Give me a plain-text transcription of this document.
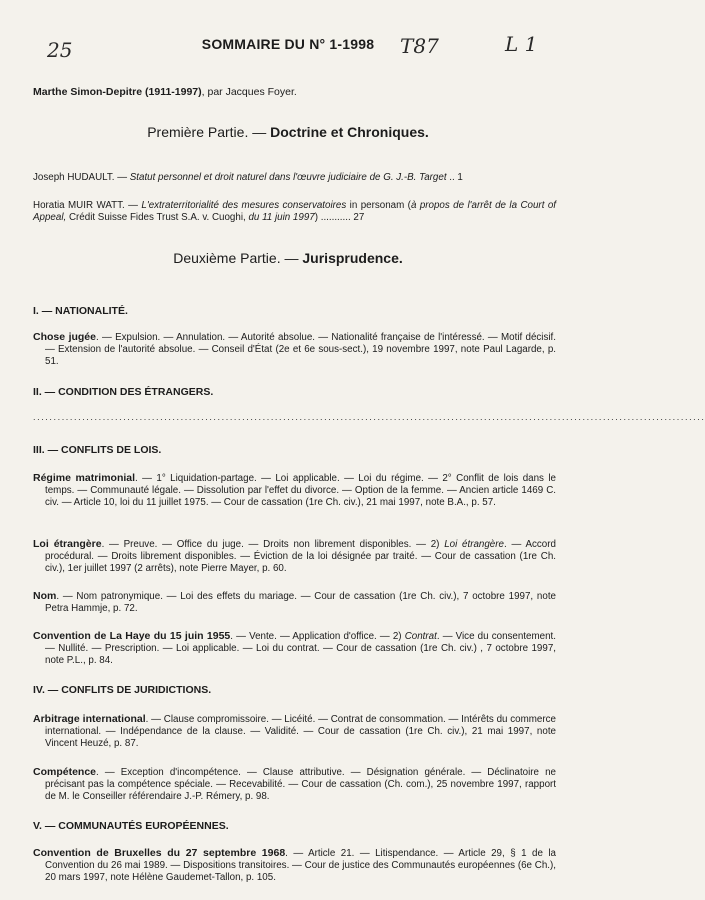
25	T87	L 1
SOMMAIRE DU N° 1-1998
Marthe Simon-Depitre (1911-1997), par Jacques Foyer.
Première Partie. — Doctrine et Chroniques.
Joseph HUDAULT. — Statut personnel et droit naturel dans l'œuvre judiciaire de G. J.-B. Target .. 1
Horatia MUIR WATT. — L'extraterritorialité des mesures conservatoires in personam (à propos de l'arrêt de la Court of Appeal, Crédit Suisse Fides Trust S.A. v. Cuoghi, du 11 juin 1997) ........... 27
Deuxième Partie. — Jurisprudence.
I. — NATIONALITÉ.
Chose jugée. — Expulsion. — Annulation. — Autorité absolue. — Nationalité française de l'intéressé. — Motif décisif. — Extension de l'autorité absolue. — Conseil d'État (2e et 6e sous-sect.), 19 novembre 1997, note Paul Lagarde, p. 51.
II. — CONDITION DES ÉTRANGERS.
....................................................................................................................................................................
III. — CONFLITS DE LOIS.
Régime matrimonial. — 1° Liquidation-partage. — Loi applicable. — Loi du régime. — 2° Conflit de lois dans le temps. — Communauté légale. — Dissolution par l'effet du divorce. — Option de la femme. — Ancien article 1469 C. civ. — Article 10, loi du 11 juillet 1975. — Cour de cassation (1re Ch. civ.), 21 mai 1997, note B.A., p. 57.
Loi étrangère. — Preuve. — Office du juge. — Droits non librement disponibles. — 2) Loi étrangère. — Accord procédural. — Droits librement disponibles. — Éviction de la loi désignée par traité. — Cour de cassation (1re Ch. civ.), 1er juillet 1997 (2 arrêts), note Pierre Mayer, p. 60.
Nom. — Nom patronymique. — Loi des effets du mariage. — Cour de cassation (1re Ch. civ.), 7 octobre 1997, note Petra Hammje, p. 72.
Convention de La Haye du 15 juin 1955. — Vente. — Application d'office. — 2) Contrat. — Vice du consentement. — Nullité. — Prescription. — Loi applicable. — Loi du contrat. — Cour de cassation (1re Ch. civ.) , 7 octobre 1997, note P.L., p. 84.
IV. — CONFLITS DE JURIDICTIONS.
Arbitrage international. — Clause compromissoire. — Licéité. — Contrat de consommation. — Intérêts du commerce international. — Indépendance de la clause. — Validité. — Cour de cassation (1re Ch. civ.), 21 mai 1997, note Vincent Heuzé, p. 87.
Compétence. — Exception d'incompétence. — Clause attributive. — Désignation générale. — Déclinatoire ne précisant pas la compétence spéciale. — Recevabilité. — Cour de cassation (Ch. com.), 25 novembre 1997, rapport de M. le Conseiller référendaire J.-P. Rémery, p. 98.
V. — COMMUNAUTÉS EUROPÉENNES.
Convention de Bruxelles du 27 septembre 1968. — Article 21. — Litispendance. — Article 29, § 1 de la Convention du 26 mai 1989. — Dispositions transitoires. — Cour de justice des Communautés européennes (6e Ch.), 20 mars 1997, note Hélène Gaudemet-Tallon, p. 105.
